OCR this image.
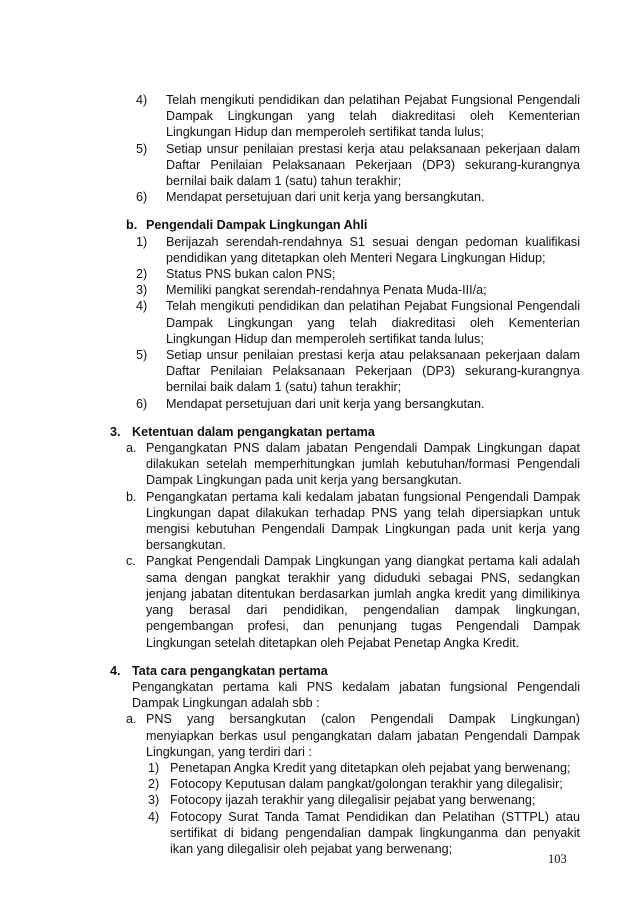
4)	Telah mengikuti pendidikan dan pelatihan Pejabat Fungsional Pengendali Dampak Lingkungan yang telah diakreditasi oleh Kementerian Lingkungan Hidup dan memperoleh sertifikat tanda lulus;
5)	Setiap unsur penilaian prestasi kerja atau pelaksanaan pekerjaan dalam Daftar Penilaian Pelaksanaan Pekerjaan (DP3) sekurang-kurangnya bernilai baik dalam 1 (satu) tahun terakhir;
6)	Mendapat persetujuan dari unit kerja yang bersangkutan.
b. Pengendali Dampak Lingkungan Ahli
1)	Berijazah serendah-rendahnya S1 sesuai dengan pedoman kualifikasi pendidikan yang ditetapkan oleh Menteri Negara Lingkungan Hidup;
2)	Status PNS bukan calon PNS;
3)	Memiliki pangkat serendah-rendahnya Penata Muda-III/a;
4)	Telah mengikuti pendidikan dan pelatihan Pejabat Fungsional Pengendali Dampak Lingkungan yang telah diakreditasi oleh Kementerian Lingkungan Hidup dan memperoleh sertifikat tanda lulus;
5)	Setiap unsur penilaian prestasi kerja atau pelaksanaan pekerjaan dalam Daftar Penilaian Pelaksanaan Pekerjaan (DP3) sekurang-kurangnya bernilai baik dalam 1 (satu) tahun terakhir;
6)	Mendapat persetujuan dari unit kerja yang bersangkutan.
3. Ketentuan dalam pengangkatan pertama
a. Pengangkatan PNS dalam jabatan Pengendali Dampak Lingkungan dapat dilakukan setelah memperhitungkan jumlah kebutuhan/formasi Pengendali Dampak Lingkungan pada unit kerja yang bersangkutan.
b. Pengangkatan pertama kali kedalam jabatan fungsional Pengendali Dampak Lingkungan dapat dilakukan terhadap PNS yang telah dipersiapkan untuk mengisi kebutuhan Pengendali Dampak Lingkungan pada unit kerja yang bersangkutan.
c. Pangkat Pengendali Dampak Lingkungan yang diangkat pertama kali adalah sama dengan pangkat terakhir yang diduduki sebagai PNS, sedangkan jenjang jabatan ditentukan berdasarkan jumlah angka kredit yang dimilikinya yang berasal dari pendidikan, pengendalian dampak lingkungan, pengembangan profesi, dan penunjang tugas Pengendali Dampak Lingkungan setelah ditetapkan oleh Pejabat Penetap Angka Kredit.
4. Tata cara pengangkatan pertama
Pengangkatan pertama kali PNS kedalam jabatan fungsional Pengendali Dampak Lingkungan adalah sbb :
a. PNS yang bersangkutan (calon Pengendali Dampak Lingkungan) menyiapkan berkas usul pengangkatan dalam jabatan Pengendali Dampak Lingkungan, yang terdiri dari :
1) Penetapan Angka Kredit yang ditetapkan oleh pejabat yang berwenang;
2) Fotocopy Keputusan dalam pangkat/golongan terakhir yang dilegalisir;
3) Fotocopy ijazah terakhir yang dilegalisir pejabat yang berwenang;
4) Fotocopy Surat Tanda Tamat Pendidikan dan Pelatihan (STTPL) atau sertifikat di bidang pengendalian dampak lingkunganma dan penyakit ikan yang dilegalisir oleh pejabat yang berwenang;
103
